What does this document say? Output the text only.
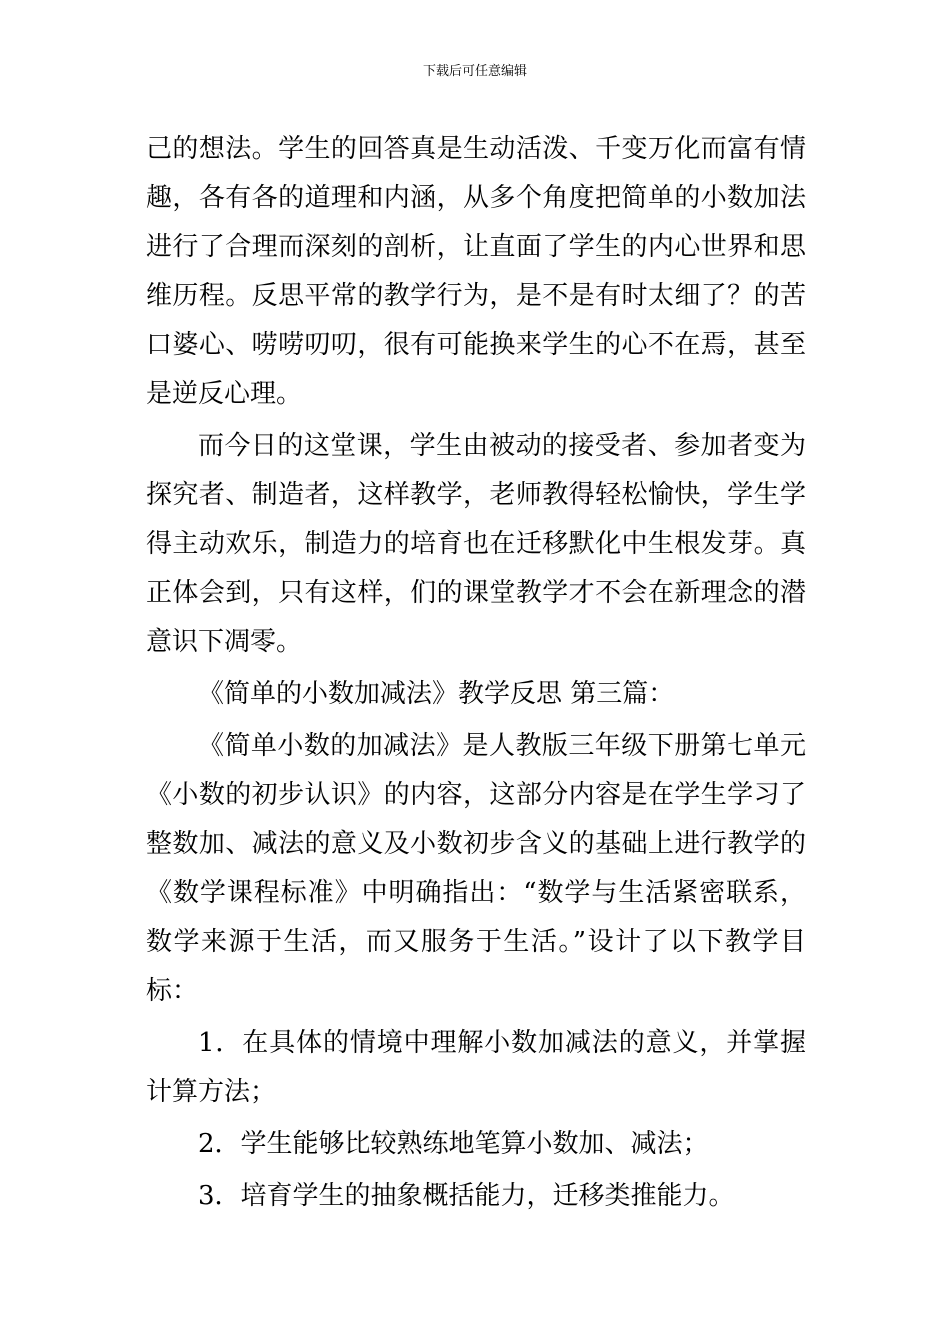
下载后可任意编辑

己的想法。学生的回答真是生动活泼、千变万化而富有情趣，各有各的道理和内涵，从多个角度把简单的小数加法进行了合理而深刻的剖析，让直面了学生的内心世界和思维历程。反思平常的教学行为，是不是有时太细了？的苦口婆心、唠唠叨叨，很有可能换来学生的心不在焉，甚至是逆反心理。

而今日的这堂课，学生由被动的接受者、参加者变为探究者、制造者，这样教学，老师教得轻松愉快，学生学得主动欢乐，制造力的培育也在迁移默化中生根发芽。真正体会到，只有这样，们的课堂教学才不会在新理念的潜意识下凋零。

《简单的小数加减法》教学反思 第三篇：

《简单小数的加减法》是人教版三年级下册第七单元《小数的初步认识》的内容，这部分内容是在学生学习了整数加、减法的意义及小数初步含义的基础上进行教学的《数学课程标准》中明确指出：“数学与生活紧密联系，数学来源于生活，而又服务于生活。”设计了以下教学目标：

1．在具体的情境中理解小数加减法的意义，并掌握计算方法；

2．学生能够比较熟练地笔算小数加、减法；

3．培育学生的抽象概括能力，迁移类推能力。
